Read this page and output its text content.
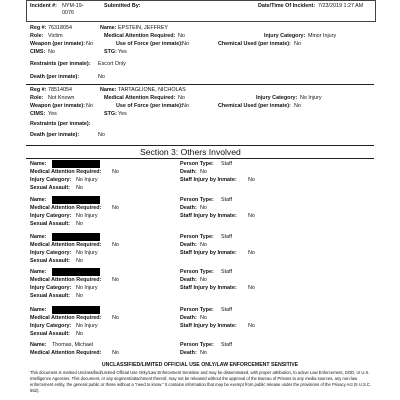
Incident #: NYM-19-
0076
Submitted By:	Date/Time Of Incident: 7/23/2019 1:27 AM
Reg #: 76318054	Name: EPSTEIN, JEFFREY
Role: Victim	Medical Attention Required: No	Injury Category: Minor Injury
Weapon (per inmate): No	Use of Force (per inmate): No	Chemical Used (per inmate): No
CIMS: No	STG: Yes
Restraints (per inmate): Escort Only
Death (per inmate):	No
Reg #: 78514054	Name: TARTAGLIONE, NICHOLAS
Role: Not Known	Medical Attention Required: No	Injury Category: No Injury
Weapon (per inmate): No	Use of Force (per inmate): No	Chemical Used (per inmate): No
CIMS: Yes	STG: Yes
Restraints (per inmate):
Death (per inmate):	No
Section 3: Others Involved
Name:	Person Type: Staff
Medical Attention Required: No	Death: No
Injury Category: No Injury	Staff Injury by Inmate: No
Sexual Assault: No
Name:	Person Type: Staff
Medical Attention Required: No	Death: No
Injury Category: No Injury	Staff Injury by Inmate: No
Sexual Assault: No
Name:	Person Type: Staff
Medical Attention Required: No	Death: No
Injury Category: No Injury	Staff Injury by Inmate: No
Sexual Assault: No
Name:	Person Type: Staff
Medical Attention Required: No	Death: No
Injury Category: No Injury	Staff Injury by Inmate: No
Sexual Assault: No
Name:	Person Type: Staff
Medical Attention Required: No	Death: No
Injury Category: No Injury	Staff Injury by Inmate: No
Sexual Assault: No
Name: Thomas, Michael	Person Type: Staff
Medical Attention Required: No	Death: No
UNCLASSIFIED/LIMITED OFFICIAL USE ONLY/LAW ENFORCEMENT SENSITIVE
This document is marked Unclassified/Limited Official Use Only/Law Enforcement Sensitive and may be disseminated, with proper attribution, to active Law Enforcement, DOD, or U.S. Intelligence Agencies. This document, or any segment/attachment thereof, may not be released without the approval of the Bureau of Prisons to any media sources, any non-law enforcement entity, the general public or those without a "need to know." It contains information that may be exempt from public release under the provisions of the Privacy Act (5 U.S.C. 552).
